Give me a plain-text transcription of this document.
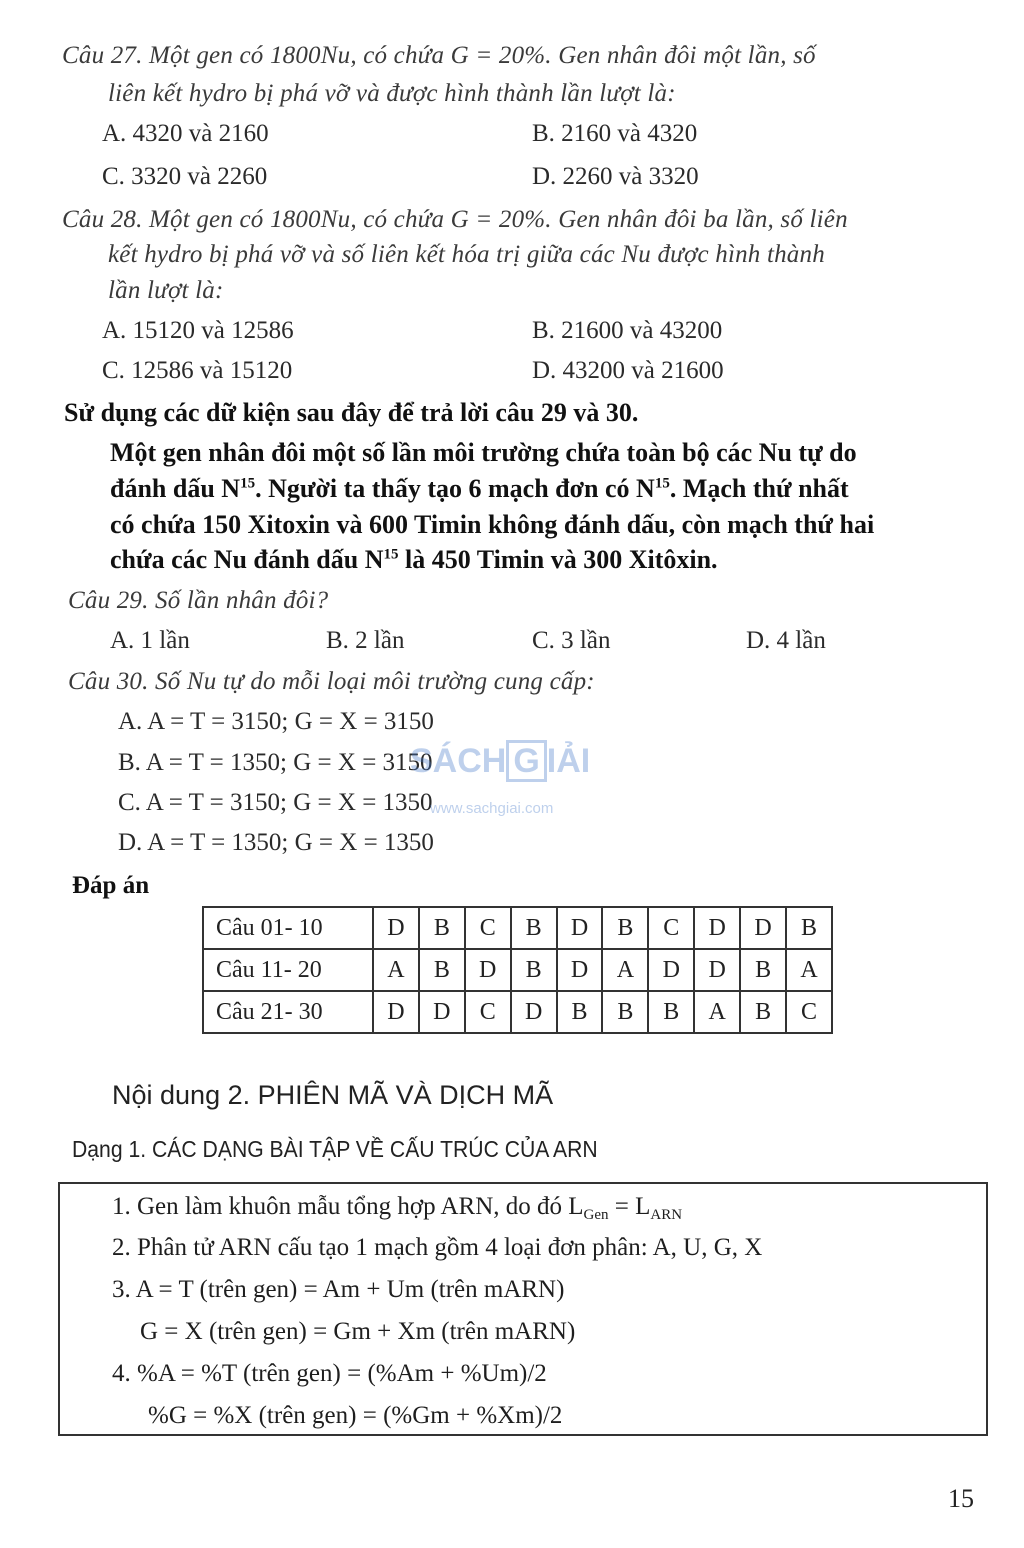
Câu 27. Một gen có 1800Nu, có chứa G = 20%. Gen nhân đôi một lần, số
liên kết hydro bị phá vỡ và được hình thành lần lượt là:
A. 4320 và 2160	B. 2160 và 4320
C. 3320 và 2260	D. 2260 và 3320
Câu 28. Một gen có 1800Nu, có chứa G = 20%. Gen nhân đôi ba lần, số liên
kết hydro bị phá vỡ và số liên kết hóa trị giữa các Nu được hình thành
lần lượt là:
A. 15120 và 12586	B. 21600 và 43200
C. 12586 và 15120	D. 43200 và 21600
Sử dụng các dữ kiện sau đây để trả lời câu 29 và 30.
Một gen nhân đôi một số lần môi trường chứa toàn bộ các Nu tự do
đánh dấu $N^{15}$. Người ta thấy tạo 6 mạch đơn có $N^{15}$. Mạch thứ nhất
có chứa 150 Xitoxin và 600 Timin không đánh dấu, còn mạch thứ hai
chứa các Nu đánh dấu $N^{15}$ là 450 Timin và 300 Xitôxin.
Câu 29. Số lần nhân đôi?
A. 1 lần	B. 2 lần	C. 3 lần	D. 4 lần
Câu 30. Số Nu tự do mỗi loại môi trường cung cấp:
A. A = T = 3150; G = X = 3150
B. A = T = 1350; G = X = 3150
C. A = T = 3150; G = X = 1350
D. A = T = 1350; G = X = 1350
SÁCH G IẢI
www.sachgiai.com
Đáp án
Câu 01- 10	D	B	C	B	D	B	C	D	D	B
Câu 11- 20	A	B	D	B	D	A	D	D	B	A
Câu 21- 30	D	D	C	D	B	B	B	A	B	C
Nội dung 2. PHIÊN MÃ VÀ DỊCH MÃ
Dạng 1. CÁC DẠNG BÀI TẬP VỀ CẤU TRÚC CỦA ARN
1. Gen làm khuôn mẫu tổng hợp ARN, do đó $L_{Gen} = L_{ARN}$
2. Phân tử ARN cấu tạo 1 mạch gồm 4 loại đơn phân: A, U, G, X
3. A = T (trên gen) = Am + Um (trên mARN)
G = X (trên gen) = Gm + Xm (trên mARN)
4. %A = %T (trên gen) = (%Am + %Um)/2
%G = %X (trên gen) = (%Gm + %Xm)/2
15
